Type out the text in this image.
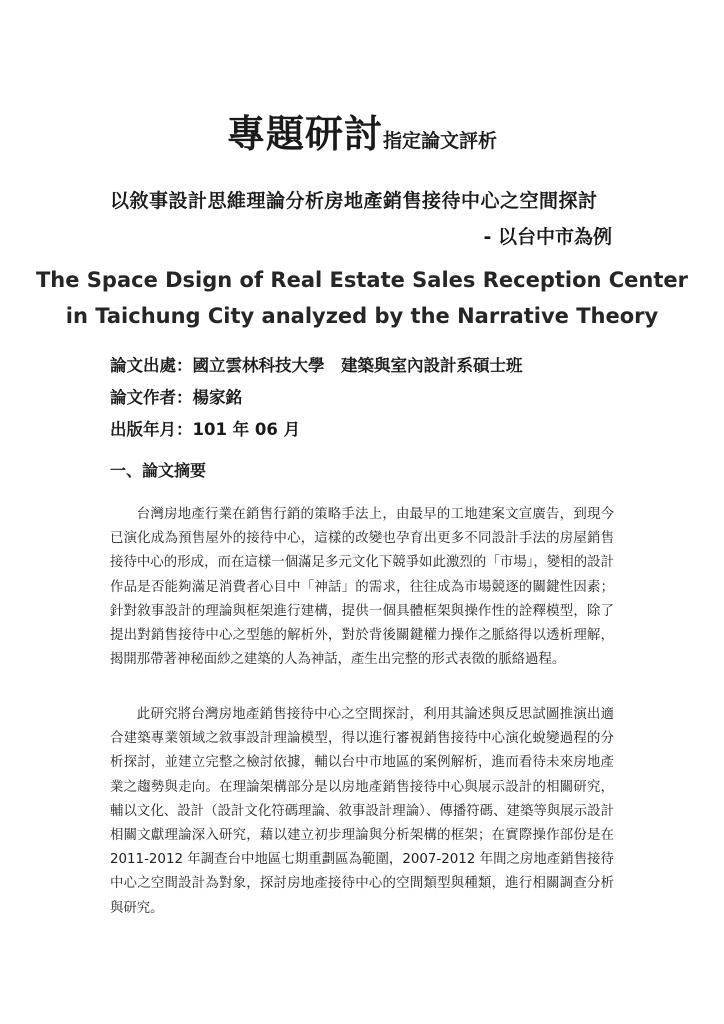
專題研討指定論文評析
以敘事設計思維理論分析房地產銷售接待中心之空間探討
- 以台中市為例
The Space Dsign of Real Estate Sales Reception Center
in Taichung City analyzed by the Narrative Theory
論文出處：國立雲林科技大學　建築與室內設計系碩士班
論文作者：楊家銘
出版年月：101 年 06 月
一、論文摘要

台灣房地產行業在銷售行銷的策略手法上，由最早的工地建案文宣廣告，到現今已演化成為預售屋外的接待中心，這樣的改變也孕育出更多不同設計手法的房屋銷售接待中心的形成，而在這樣一個滿足多元文化下競爭如此激烈的「市場」，變相的設計作品是否能夠滿足消費者心目中「神話」的需求，往往成為市場競逐的關鍵性因素；針對敘事設計的理論與框架進行建構，提供一個具體框架與操作性的詮釋模型，除了提出對銷售接待中心之型態的解析外，對於背後關鍵權力操作之脈絡得以透析理解，揭開那帶著神秘面紗之建築的人為神話，產生出完整的形式表徵的脈絡過程。

此研究將台灣房地產銷售接待中心之空間探討，利用其論述與反思試圖推演出適合建築專業領域之敘事設計理論模型，得以進行審視銷售接待中心演化蛻變過程的分析探討，並建立完整之檢討依據，輔以台中市地區的案例解析，進而看待未來房地產業之趨勢與走向。在理論架構部分是以房地產銷售接待中心與展示設計的相關研究，輔以文化、設計（設計文化符碼理論、敘事設計理論）、傳播符碼、建築等與展示設計相關文獻理論深入研究，藉以建立初步理論與分析架構的框架；在實際操作部份是在 2011-2012 年調查台中地區七期重劃區為範圍，2007-2012 年間之房地產銷售接待中心之空間設計為對象，探討房地產接待中心的空間類型與種類，進行相關調查分析與研究。
